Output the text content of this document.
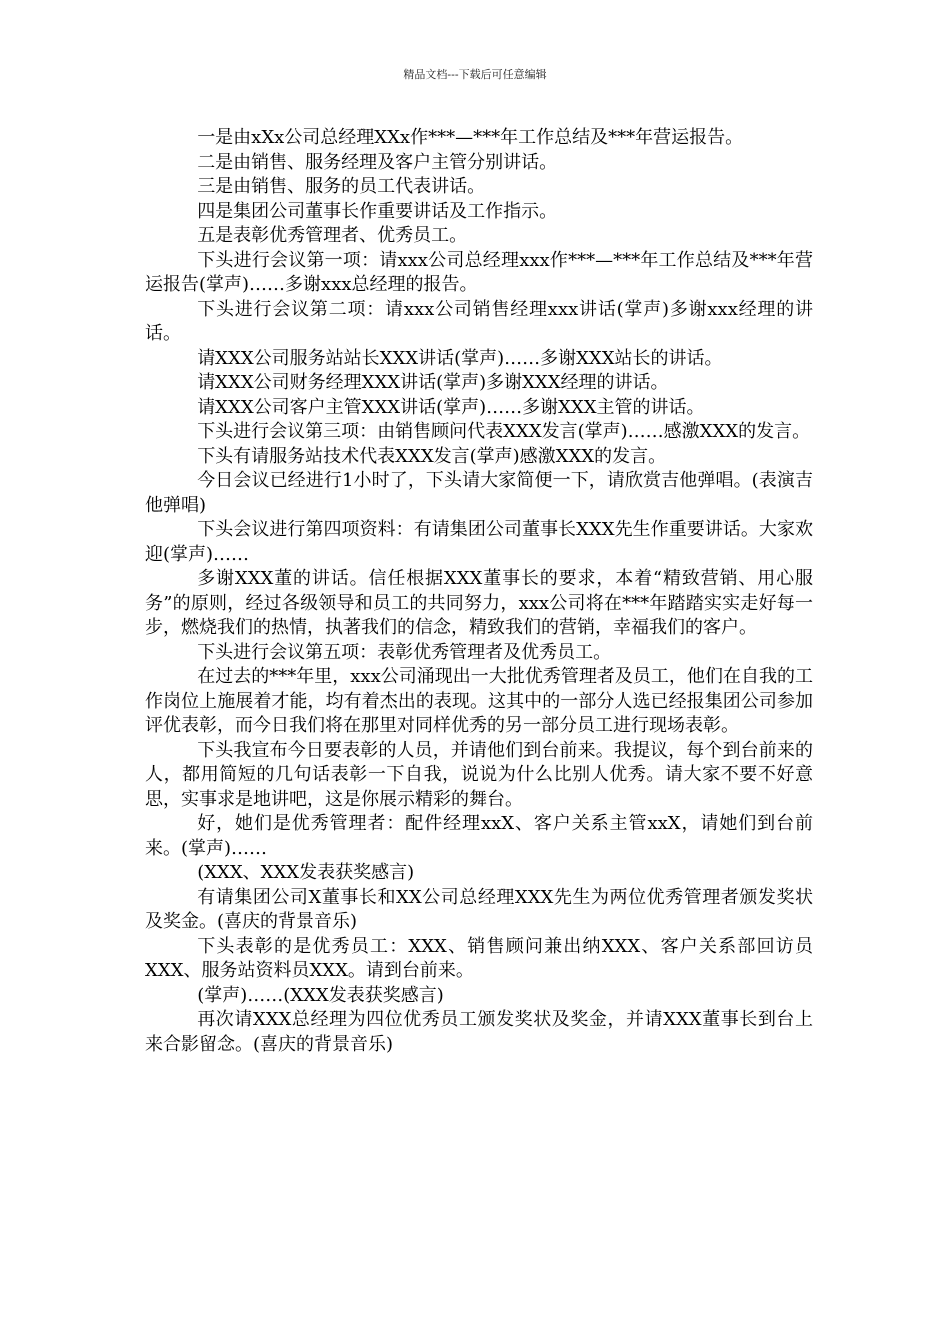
精品文档---下载后可任意编辑

一是由xXx公司总经理XXx作***—***年工作总结及***年营运报告。

二是由销售、服务经理及客户主管分别讲话。

三是由销售、服务的员工代表讲话。

四是集团公司董事长作重要讲话及工作指示。

五是表彰优秀管理者、优秀员工。

下头进行会议第一项：请xxx公司总经理xxx作***—***年工作总结及***年营运报告(掌声)……多谢xxx总经理的报告。

下头进行会议第二项：请xxx公司销售经理xxx讲话(掌声)多谢xxx经理的讲话。

请XXX公司服务站站长XXX讲话(掌声)……多谢XXX站长的讲话。

请XXX公司财务经理XXX讲话(掌声)多谢XXX经理的讲话。

请XXX公司客户主管XXX讲话(掌声)……多谢XXX主管的讲话。

下头进行会议第三项：由销售顾问代表XXX发言(掌声)……感激XXX的发言。

下头有请服务站技术代表XXX发言(掌声)感激XXX的发言。

今日会议已经进行1小时了，下头请大家简便一下，请欣赏吉他弹唱。(表演吉他弹唱)

下头会议进行第四项资料：有请集团公司董事长XXX先生作重要讲话。大家欢迎(掌声)……

多谢XXX董的讲话。信任根据XXX董事长的要求，本着“精致营销、用心服务”的原则，经过各级领导和员工的共同努力，xxx公司将在***年踏踏实实走好每一步，燃烧我们的热情，执著我们的信念，精致我们的营销，幸福我们的客户。

下头进行会议第五项：表彰优秀管理者及优秀员工。

在过去的***年里，xxx公司涌现出一大批优秀管理者及员工，他们在自我的工作岗位上施展着才能，均有着杰出的表现。这其中的一部分人选已经报集团公司参加评优表彰，而今日我们将在那里对同样优秀的另一部分员工进行现场表彰。

下头我宣布今日要表彰的人员，并请他们到台前来。我提议，每个到台前来的人，都用简短的几句话表彰一下自我，说说为什么比别人优秀。请大家不要不好意思，实事求是地讲吧，这是你展示精彩的舞台。

好，她们是优秀管理者：配件经理xxX、客户关系主管xxX，请她们到台前来。(掌声)……

(XXX、XXX发表获奖感言)

有请集团公司X董事长和XX公司总经理XXX先生为两位优秀管理者颁发奖状及奖金。(喜庆的背景音乐)

下头表彰的是优秀员工：XXX、销售顾问兼出纳XXX、客户关系部回访员XXX、服务站资料员XXX。请到台前来。

(掌声)……(XXX发表获奖感言)

再次请XXX总经理为四位优秀员工颁发奖状及奖金，并请XXX董事长到台上来合影留念。(喜庆的背景音乐)
